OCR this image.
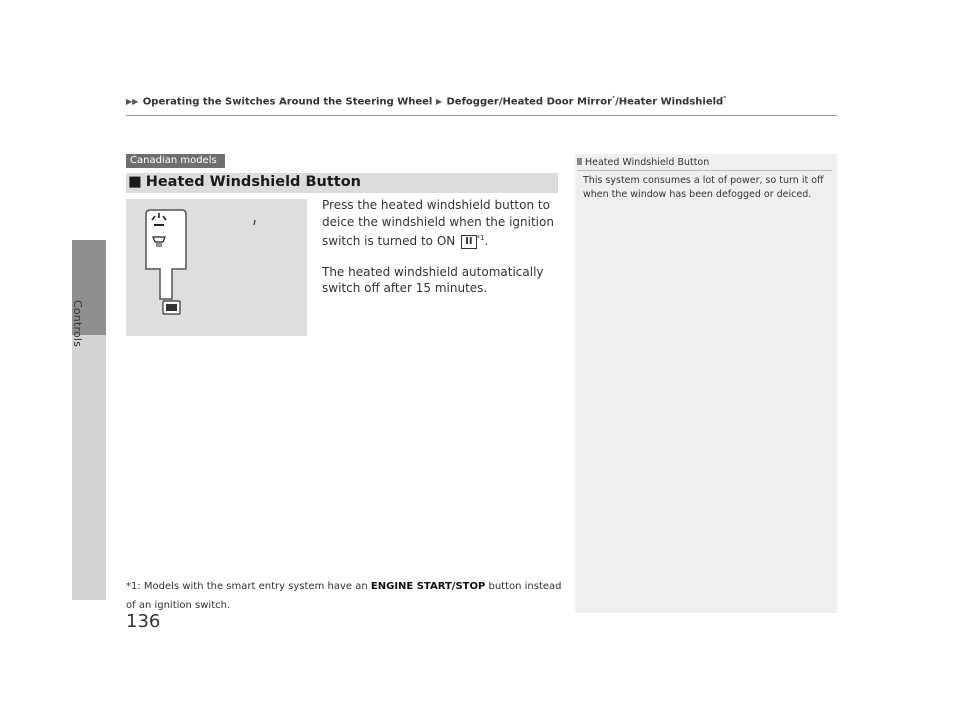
Controls
▶▶ Operating the Switches Around the Steering Wheel ▶ Defogger/Heated Door Mirror*/Heater Windshield*
Canadian models
■ Heated Windshield Button

Press the heated windshield button to deice the windshield when the ignition switch is turned to ON II $^{*1}$.

The heated windshield automatically switch off after 15 minutes.

*1: Models with the smart entry system have an ENGINE START/STOP button instead of an ignition switch.
Heated Windshield Button
This system consumes a lot of power, so turn it off when the window has been defogged or deiced.
136
